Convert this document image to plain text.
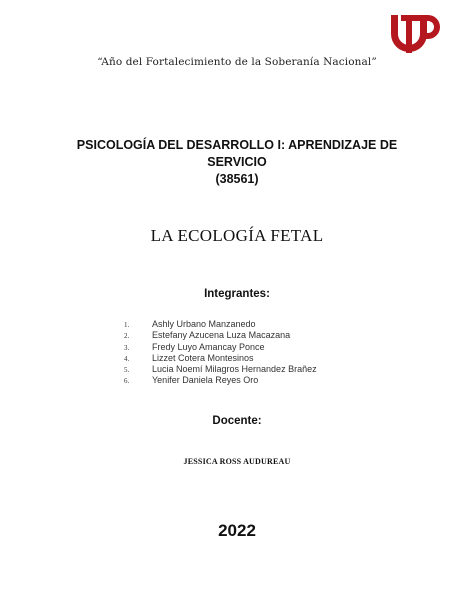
“Año del Fortalecimiento de la Soberanía Nacional”
PSICOLOGÍA DEL DESARROLLO I: APRENDIZAJE DE SERVICIO
(38561)
LA ECOLOGÍA FETAL
Integrantes:
1.	Ashly Urbano Manzanedo
2.	Estefany Azucena Luza Macazana
3.	Fredy Luyo Amancay Ponce
4.	Lizzet Cotera Montesinos
5.	Lucia Noemí Milagros Hernandez Brañez
6.	Yenifer Daniela Reyes Oro
Docente:
JESSICA ROSS AUDUREAU
2022
